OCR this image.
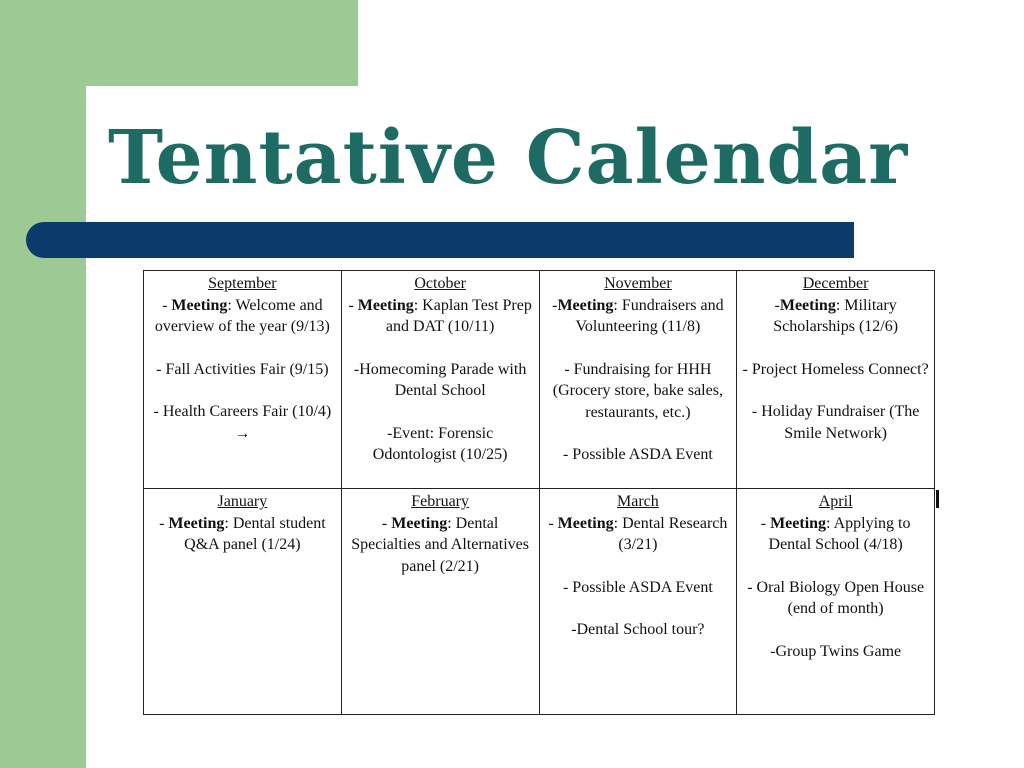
Tentative Calendar
September
- Meeting: Welcome and overview of the year (9/13)
- Fall Activities Fair (9/15)
- Health Careers Fair (10/4) →	October
- Meeting: Kaplan Test Prep and DAT (10/11)
-Homecoming Parade with Dental School
-Event: Forensic Odontologist (10/25)	November
-Meeting: Fundraisers and Volunteering (11/8)
- Fundraising for HHH (Grocery store, bake sales, restaurants, etc.)
- Possible ASDA Event	December
-Meeting: Military Scholarships (12/6)
- Project Homeless Connect?
- Holiday Fundraiser (The Smile Network)

January
- Meeting: Dental student Q&A panel (1/24)	February
- Meeting: Dental Specialties and Alternatives panel (2/21)	March
- Meeting: Dental Research (3/21)
- Possible ASDA Event
-Dental School tour?	April
- Meeting: Applying to Dental School (4/18)
- Oral Biology Open House (end of month)
-Group Twins Game
